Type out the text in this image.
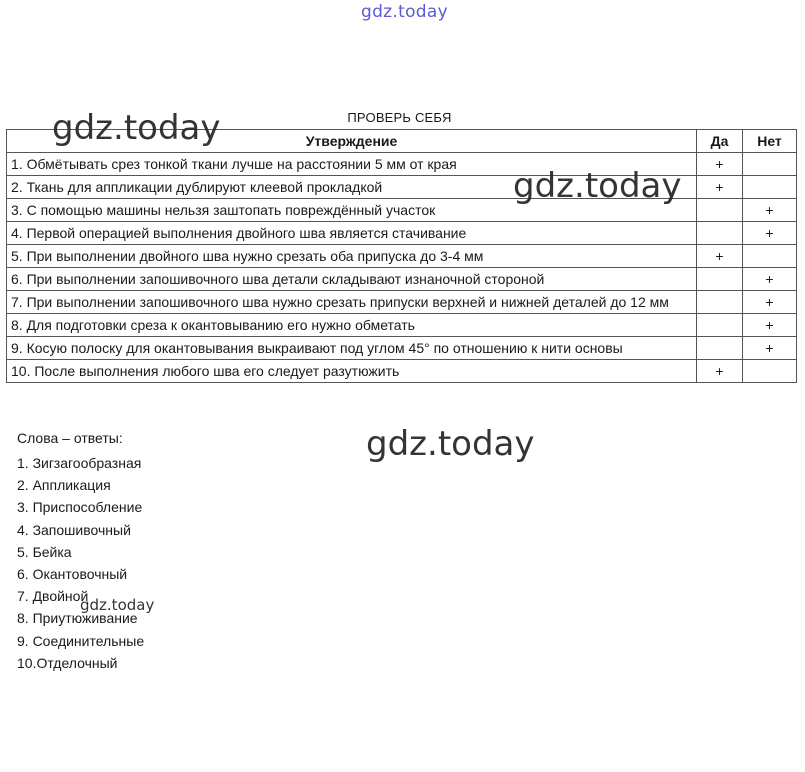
gdz.today
ПРОВЕРЬ СЕБЯ
Утверждение	Да	Нет
1. Обмётывать срез тонкой ткани лучше на расстоянии 5 мм от края	+	
2. Ткань для аппликации дублируют клеевой прокладкой	+	
3. С помощью машины нельзя заштопать повреждённый участок		+
4. Первой операцией выполнения двойного шва является стачивание		+
5. При выполнении двойного шва нужно срезать оба припуска до 3-4 мм	+	
6. При выполнении запошивочного шва детали складывают изнаночной стороной		+
7. При выполнении запошивочного шва нужно срезать припуски верхней и нижней деталей до 12 мм		+
8. Для подготовки среза к окантовыванию его нужно обметать		+
9. Косую полоску для окантовывания выкраивают под углом 45° по отношению к нити основы		+
10. После выполнения любого шва его следует разутюжить	+	
Слова – ответы:
1. Зигзагообразная
2. Аппликация
3. Приспособление
4. Запошивочный
5. Бейка
6. Окантовочный
7. Двойной
8. Приутюживание
9. Соединительные
10.Отделочный
gdz.today
gdz.today
gdz.today
gdz.today
